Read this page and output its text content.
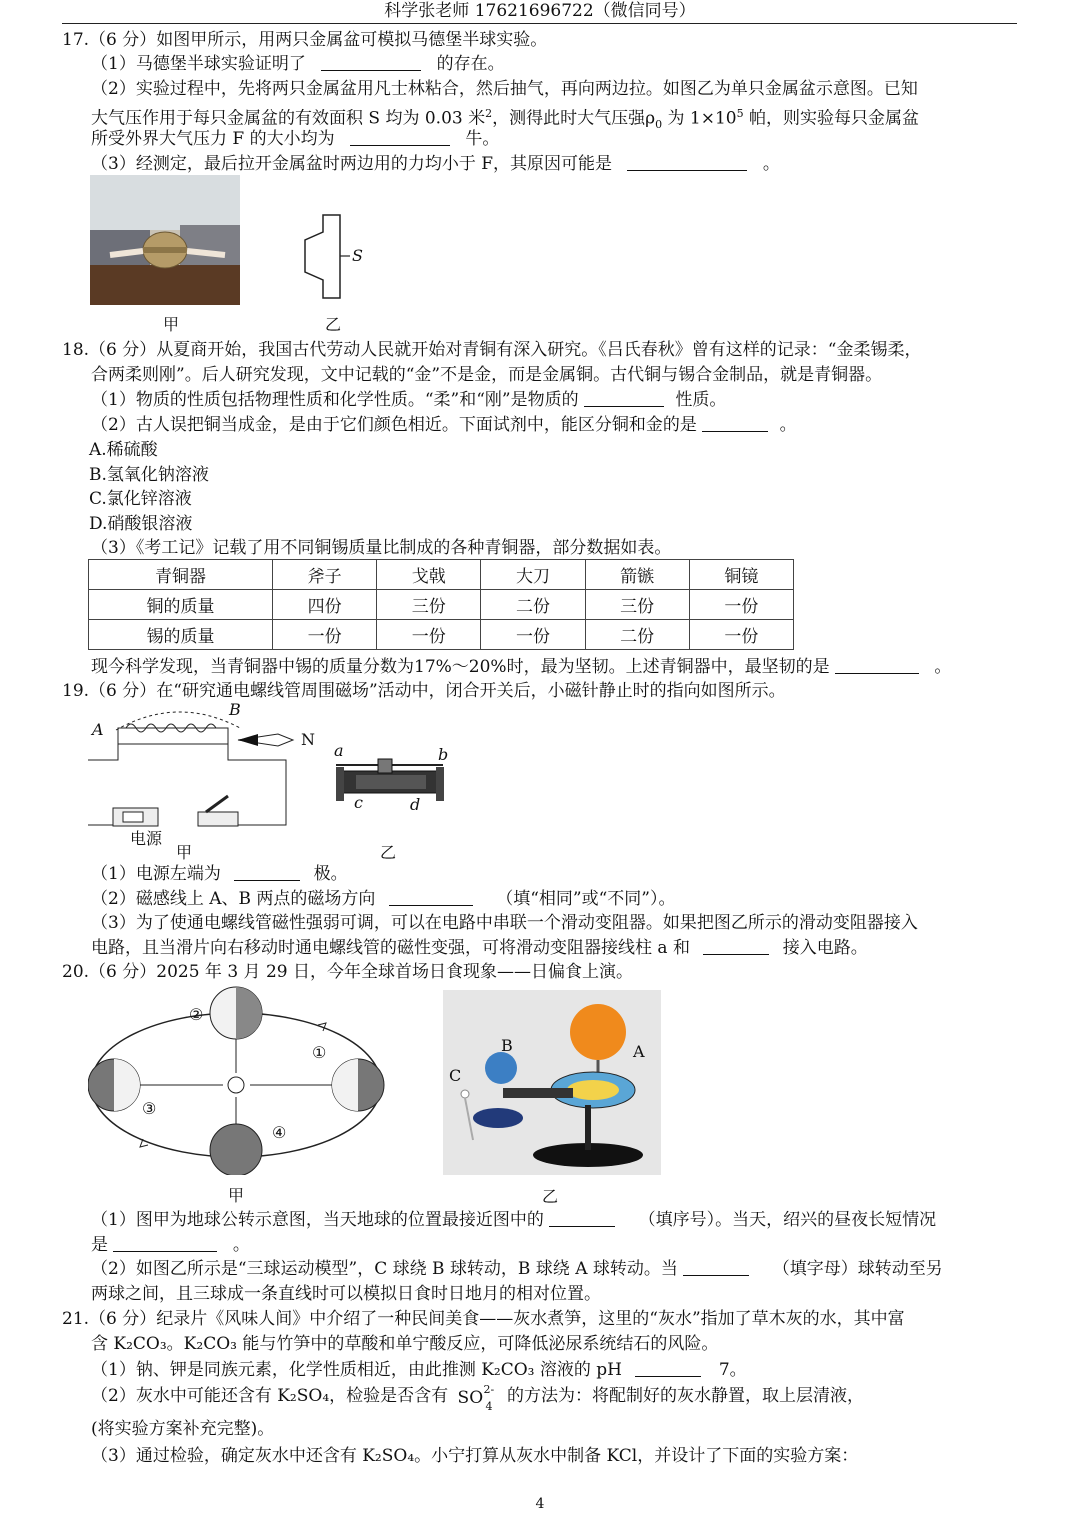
科学张老师 17621696722（微信同号）
17.（6 分）如图甲所示，用两只金属盆可模拟马德堡半球实验。
（1）马德堡半球实验证明了	的存在。
（2）实验过程中，先将两只金属盆用凡士林粘合，然后抽气，再向两边拉。如图乙为单只金属盆示意图。已知
大气压作用于每只金属盆的有效面积 S 均为 0.03 米$^2$，测得此时大气压强$\rho_0$ 为 $1\times 10^5$ 帕，则实验每只金属盆
所受外界大气压力 F 的大小均为	牛。
（3）经测定，最后拉开金属盆时两边用的力均小于 F，其原因可能是	。
甲
S
乙
18.（6 分）从夏商开始，我国古代劳动人民就开始对青铜有深入研究。《吕氏春秋》曾有这样的记录：“金柔锡柔，
合两柔则刚”。后人研究发现，文中记载的“金”不是金，而是金属铜。古代铜与锡合金制品，就是青铜器。
（1）物质的性质包括物理性质和化学性质。“柔”和“刚”是物质的	性质。
（2）古人误把铜当成金，是由于它们颜色相近。下面试剂中，能区分铜和金的是	。
A.稀硫酸
B.氢氧化钠溶液
C.氯化锌溶液
D.硝酸银溶液
（3）《考工记》记载了用不同铜锡质量比制成的各种青铜器，部分数据如表。
青铜器	斧子	戈戟	大刀	箭镞	铜镜
铜的质量	四份	三份	二份	三份	一份
锡的质量	一份	一份	一份	二份	一份
现今科学发现，当青铜器中锡的质量分数为17%～20%时，最为坚韧。上述青铜器中，最坚韧的是	。
19.（6 分）在“研究通电螺线管周围磁场”活动中，闭合开关后，小磁针静止时的指向如图所示。
A
B
N
电源
甲
a	b
c	d
乙
（1）电源左端为	极。
（2）磁感线上 A、B 两点的磁场方向	（填“相同”或“不同”）。
（3）为了使通电螺线管磁性强弱可调，可以在电路中串联一个滑动变阻器。如果把图乙所示的滑动变阻器接入
电路，且当滑片向右移动时通电螺线管的磁性变强，可将滑动变阻器接线柱 a 和	接入电路。
20.（6 分）2025 年 3 月 29 日，今年全球首场日食现象——日偏食上演。
②
①
③
④
甲
B	A
C
乙
（1）图甲为地球公转示意图，当天地球的位置最接近图中的	（填序号）。当天，绍兴的昼夜长短情况
是	。
（2）如图乙所示是“三球运动模型”，C 球绕 B 球转动，B 球绕 A 球转动。当	（填字母）球转动至另
两球之间，且三球成一条直线时可以模拟日食时日地月的相对位置。
21.（6 分）纪录片《风味人间》中介绍了一种民间美食——灰水煮笋，这里的“灰水”指加了草木灰的水，其中富
含 K₂CO₃。K₂CO₃ 能与竹笋中的草酸和单宁酸反应，可降低泌尿系统结石的风险。
（1）钠、钾是同族元素，化学性质相近，由此推测 K₂CO₃ 溶液的 pH	7。
（2）灰水中可能还含有 K₂SO₄，检验是否含有 SO 2-
4
的方法为：将配制好的灰水静置，取上层清液，
(将实验方案补充完整)。
（3）通过检验，确定灰水中还含有 K₂SO₄。小宁打算从灰水中制备 KCl，并设计了下面的实验方案：
4
